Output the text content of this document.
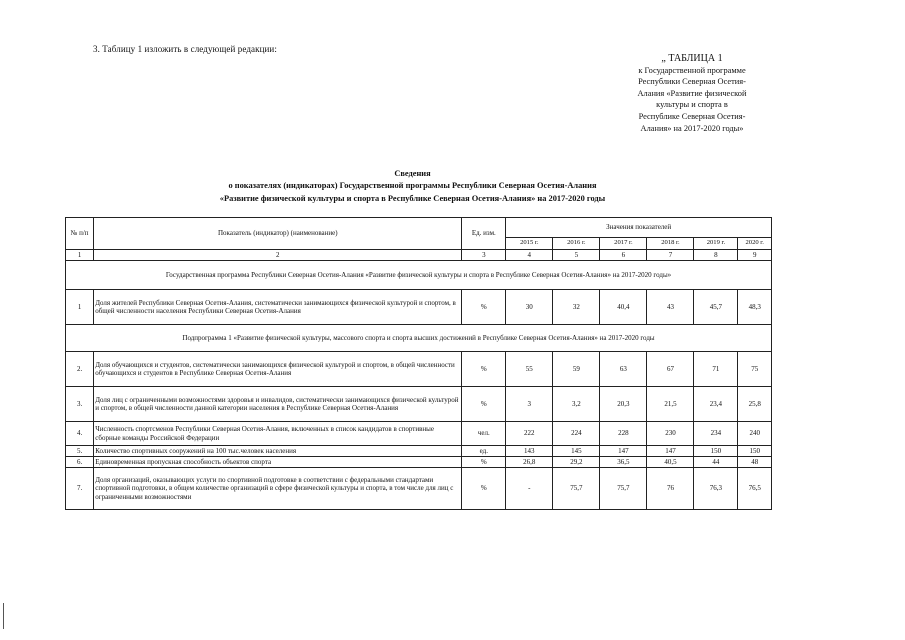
3. Таблицу 1 изложить в следующей редакции:
„ ТАБЛИЦА 1
к Государственной программе
Республики Северная Осетия-
Алания «Развитие физической
культуры и спорта в
Республике Северная Осетия-
Алания» на 2017-2020 годы»
Сведения
о показателях (индикаторах) Государственной программы Республики Северная Осетия-Алания
«Развитие физической культуры и спорта в Республике Северная Осетия-Алания» на 2017-2020 годы
№ п/п	Показатель (индикатор) (наименование)	Ед. изм.	Значения показателей					
			2015 г.	2016 г.	2017 г.	2018 г.	2019 г.	2020 г.
1	2	3	4	5	6	7	8	9
Государственная программа Республики Северная Осетия-Алания «Развитие физической культуры и спорта в Республике Северная Осетия-Алания» на 2017-2020 годы»								
1	Доля жителей Республики Северная Осетия-Алания, систематически занимающихся физической культурой и спортом, в общей численности населения Республики Северная Осетия-Алания	%	30	32	40,4	43	45,7	48,3
Подпрограмма 1 «Развитие физической культуры, массового спорта и спорта высших достижений в Республике Северная Осетия-Алания» на 2017-2020 годы								
2.	Доля обучающихся и студентов, систематически занимающихся физической культурой и спортом, в общей численности обучающихся и студентов в Республике Северная Осетия-Алания	%	55	59	63	67	71	75
3.	Доля лиц с ограниченными возможностями здоровья и инвалидов, систематически занимающихся физической культурой и спортом, в общей численности данной категории населения в Республике Северная Осетия-Алания	%	3	3,2	20,3	21,5	23,4	25,8
4.	Численность спортсменов Республики Северная Осетия-Алания, включенных в список кандидатов в спортивные сборные команды Российской Федерации	чел.	222	224	228	230	234	240
5.	Количество спортивных сооружений на 100 тыс.человек населения	ед.	143	145	147	147	150	150
6.	Единовременная пропускная способность объектов спорта	%	26,8	29,2	36,5	40,5	44	48
7.	Доля организаций, оказывающих услуги по спортивной подготовке в соответствии с федеральными стандартами спортивной подготовки, в общем количестве организаций в сфере физической культуры и спорта, в том числе для лиц с ограниченными возможностями	%	-	75,7	75,7	76	76,3	76,5
